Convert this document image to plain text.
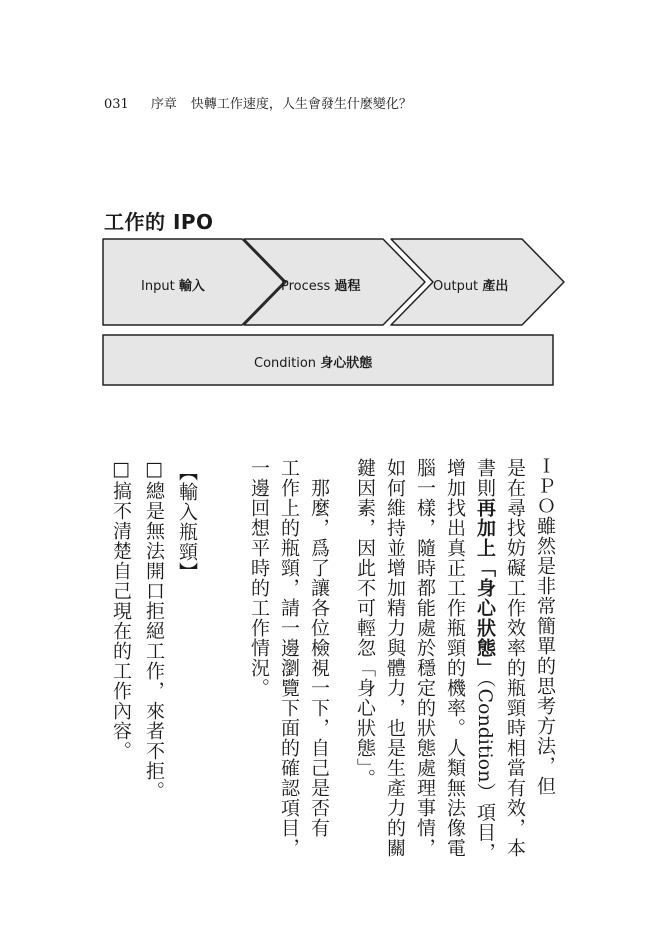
031 序章 快轉工作速度，人生會發生什麼變化？
工作的 IPO
Input 輸入	Process 過程	Output 產出
Condition 身心狀態
ＩＰＯ雖然是非常簡單的思考方法，但
是在尋找妨礙工作效率的瓶頸時相當有效，本
書則再加上「身心狀態」（Condition）項目，
增加找出真正工作瓶頸的機率。人類無法像電
腦一樣，隨時都能處於穩定的狀態處理事情，
如何維持並增加精力與體力，也是生產力的關
鍵因素，因此不可輕忽「身心狀態」。
　那麼，爲了讓各位檢視一下，自己是否有
工作上的瓶頸，請一邊瀏覽下面的確認項目，
一邊回想平時的工作情況。
【輸入瓶頸】
□總是無法開口拒絕工作，來者不拒。
□搞不清楚自己現在的工作內容。
